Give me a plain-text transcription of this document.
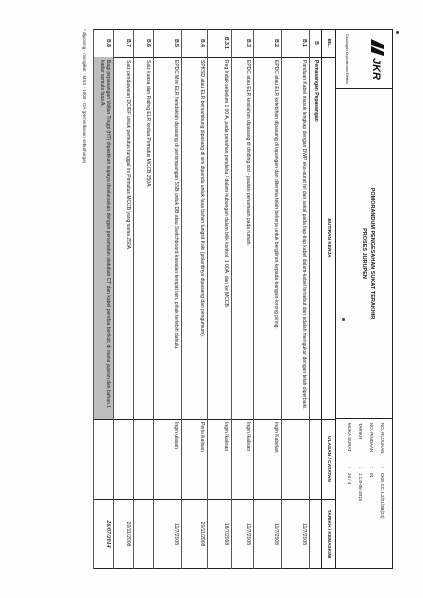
JKR
Cawangan Kejuruteraan Elektrik
POMORANDUM PENGESAHAN SUKAT TERAKHIR
PROSES JURUPEN
NO. RUJUKAN:CKE.CC.1.2/21/3B(24)
NO. PINDAAN:01
TARIKH:1.1.0-05-2015
MUKA SURAT:24 / 4
BIL.
BUTIRAN KERJA
ULASAN / CATATAN
TARIKH / KEMASKINI
B
Pemasangan Pepasangan
B.1
Panduan Kabel masuk lengkap dengan DWP eka-aurat fel dan sakal pada tiap-tiap kabel dalam-kabel tersebut dan adalah mengukur dengan telah diperbaiki.
11/7/2008
B.2
EPDC atau ELR kelebihan dipasang di lapangan dan diterima telah bekerja untuk bergiliran kepada bangun-lorong piring.
Ingin Kabelan
11/7/2008
B.3
EPDC atau ELR kesilahan dipasang di dinding sisi - pautan penamaan pada rumah.
Ingin Ikalisan
11/7/2008
B.3.1
Reg Induk sebelum 1.00 A, pada penahan pendahu / dalam hubungan dalam bilik kontrol. 1 00A. dan ke MCCB.
Ingin Ikalisan
18/7/2008
B.4
SPKSD atau ELR bersambung dipasang di sini dipandu untuk fasa bahan tungsit Kaki (polaritinya dipasang dan pengumum).
Perlu ikalisan
20/11/2008
B.5
EPDC Mini ELR hendaklah dipasang di persimpangan SSB untuk DB atau Switchboard kawalan tempat lain, pihak terlebih dahulu.
Ingin ulasan
11/7/2008
B.6
Saiz kuasa dan Rating ELR kedua Pemutus MCCB 250A.
B.7
Saiz pendawaian DC/EF untuk pemutus tunggal ini Pemutus MCCB yang sama 250A.
20/11/2008
B.8
Bagi pepasangan Voltan Tinggi (HT) dipastikan supaya diselaraskan dengan penamatan alatubah CT dan kabel pendua berikut; di mana jajaran dan bahan 1 kadar semula fasa A.
26/07/2014
* dipotong - mengikut - MSS - 1000 - DA (pemeriksaan sebutharga)
